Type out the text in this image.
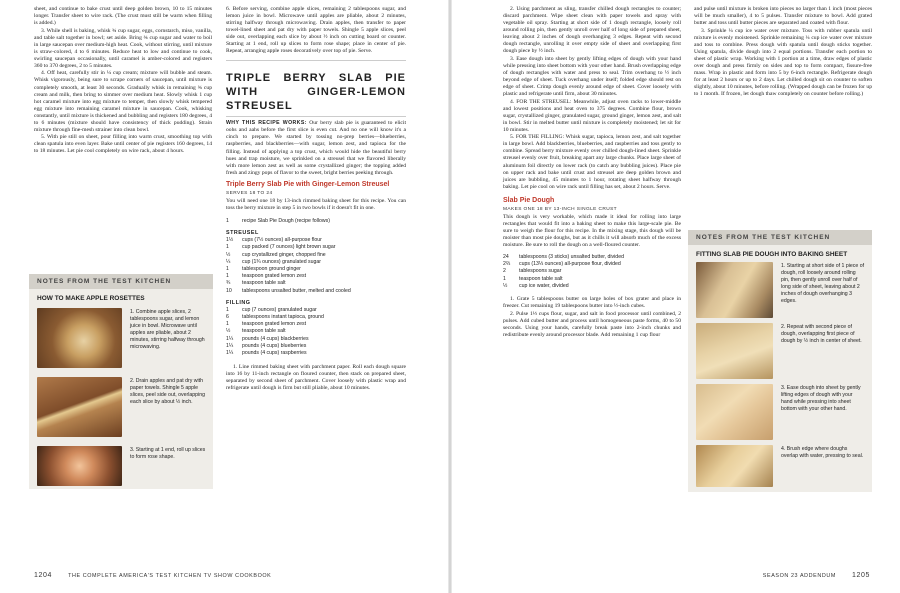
sheet, and continue to bake crust until deep golden brown, 10 to 15 minutes longer. Transfer sheet to wire rack. (The crust must still be warm when filling is added.)

3. While shell is baking, whisk ¾ cup sugar, eggs, cornstarch, miso, vanilla, and table salt together in bowl; set aside. Bring ¾ cup sugar and water to boil in large saucepan over medium-high heat. Cook, without stirring, until mixture is straw-colored, 4 to 6 minutes. Reduce heat to low and continue to cook, swirling saucepan occasionally, until caramel is amber-colored and registers 360 to 370 degrees, 2 to 5 minutes.

4. Off heat, carefully stir in ¼ cup cream; mixture will bubble and steam. Whisk vigorously, being sure to scrape corners of saucepan, until mixture is completely smooth, at least 30 seconds. Gradually whisk in remaining ¾ cup cream and milk, then bring to simmer over medium heat. Slowly whisk 1 cup hot caramel mixture into egg mixture to temper, then slowly whisk tempered egg mixture into remaining caramel mixture in saucepan. Cook, whisking constantly, until mixture is thickened and bubbling and registers 180 degrees, 4 to 6 minutes (mixture should have consistency of thick pudding). Strain mixture through fine-mesh strainer into clean bowl.

5. With pie still on sheet, pour filling into warm crust, smoothing top with clean spatula into even layer. Bake until center of pie registers 160 degrees, 14 to 18 minutes. Let pie cool completely on wire rack, about 4 hours.

NOTES FROM THE TEST KITCHEN
HOW TO MAKE APPLE ROSETTES
1. Combine apple slices, 2 tablespoons sugar, and lemon juice in bowl. Microwave until apples are pliable, about 2 minutes, stirring halfway through microwaving.
2. Drain apples and pat dry with paper towels. Shingle 5 apple slices, peel side out, overlapping each slice by about ½ inch.
3. Starting at 1 end, roll up slices to form rose shape.

6. Before serving, combine apple slices, remaining 2 tablespoons sugar, and lemon juice in bowl. Microwave until apples are pliable, about 2 minutes, stirring halfway through microwaving. Drain apples, then transfer to paper towel-lined sheet and pat dry with paper towels. Shingle 5 apple slices, peel side out, overlapping each slice by about ½ inch on cutting board or counter. Starting at 1 end, roll up slices to form rose shape; place in center of pie. Repeat, arranging apple roses decoratively over top of pie. Serve.

TRIPLE BERRY SLAB PIE WITH GINGER-LEMON STREUSEL
WHY THIS RECIPE WORKS: Our berry slab pie is guaranteed to elicit oohs and aahs before the first slice is even cut. And no one will know it's a cinch to prepare. We started by tossing no-prep berries—blueberries, raspberries, and blackberries—with sugar, lemon zest, and tapioca for the filling. Instead of applying a top crust, which would hide the beautiful berry hues and trap moisture, we sprinkled on a streusel that we flavored liberally with more lemon zest as well as some crystallized ginger; the topping added fresh and zingy pops of flavor to the sweet, bright berries peeking through.
Triple Berry Slab Pie with Ginger-Lemon Streusel
SERVES 18 TO 24

You will need one 18 by 13-inch rimmed baking sheet for this recipe. You can toss the berry mixture in step 5 in two bowls if it doesn't fit in one.

1	recipe Slab Pie Dough (recipe follows)
STREUSEL
1½	cups (7½ ounces) all-purpose flour
1	cup packed (7 ounces) light brown sugar
½	cup crystallized ginger, chopped fine
¼	cup (1¾ ounces) granulated sugar
1	tablespoon ground ginger
1	teaspoon grated lemon zest
¾	teaspoon table salt
10	tablespoons unsalted butter, melted and cooled
FILLING
1	cup (7 ounces) granulated sugar
6	tablespoons instant tapioca, ground
1	teaspoon grated lemon zest
½	teaspoon table salt
1¼	pounds (4 cups) blackberries
1¼	pounds (4 cups) blueberries
1¼	pounds (4 cups) raspberries

1. Line rimmed baking sheet with parchment paper. Roll each dough square into 16 by 11-inch rectangle on floured counter, then stack on prepared sheet, separated by second sheet of parchment. Cover loosely with plastic wrap and refrigerate until dough is firm but still pliable, about 10 minutes.

2. Using parchment as sling, transfer chilled dough rectangles to counter; discard parchment. Wipe sheet clean with paper towels and spray with vegetable oil spray. Starting at short side of 1 dough rectangle, loosely roll around rolling pin, then gently unroll over half of long side of prepared sheet, leaving about 2 inches of dough overhanging 3 edges. Repeat with second dough rectangle, unrolling it over empty side of sheet and overlapping first dough piece by ½ inch.

3. Ease dough into sheet by gently lifting edges of dough with your hand while pressing into sheet bottom with your other hand. Brush overlapping edge of dough rectangles with water and press to seal. Trim overhang to ½ inch beyond edge of sheet. Tuck overhang under itself; folded edge should rest on edge of sheet. Crimp dough evenly around edge of sheet. Cover loosely with plastic and refrigerate until firm, about 30 minutes.

4. FOR THE STREUSEL: Meanwhile, adjust oven racks to lower-middle and lowest positions and heat oven to 375 degrees. Combine flour, brown sugar, crystallized ginger, granulated sugar, ground ginger, lemon zest, and salt in bowl. Stir in melted butter until mixture is completely moistened; let sit for 10 minutes.

5. FOR THE FILLING: Whisk sugar, tapioca, lemon zest, and salt together in large bowl. Add blackberries, blueberries, and raspberries and toss gently to combine. Spread berry mixture evenly over chilled dough-lined sheet. Sprinkle streusel evenly over fruit, breaking apart any large chunks. Place large sheet of aluminum foil directly on lower rack (to catch any bubbling juices). Place pie on upper rack and bake until crust and streusel are deep golden brown and juices are bubbling, 45 minutes to 1 hour, rotating sheet halfway through baking. Let pie cool on wire rack until filling has set, about 2 hours. Serve.

Slab Pie Dough
MAKES ONE 18 BY 13-INCH SINGLE CRUST

This dough is very workable, which made it ideal for rolling into large rectangles that would fit into a baking sheet to make this large-scale pie. Be sure to weigh the flour for this recipe. In the mixing stage, this dough will be moister than most pie doughs, but as it chills it will absorb much of the excess moisture. Be sure to roll the dough on a well-floured counter.

24	tablespoons (3 sticks) unsalted butter, divided
2⅔	cups (13⅓ ounces) all-purpose flour, divided
2	tablespoons sugar
1	teaspoon table salt
½	cup ice water, divided

1. Grate 5 tablespoons butter on large holes of box grater and place in freezer. Cut remaining 19 tablespoons butter into ½-inch cubes.

2. Pulse 1⅓ cups flour, sugar, and salt in food processor until combined, 2 pulses. Add cubed butter and process until homogeneous paste forms, 40 to 50 seconds. Using your hands, carefully break paste into 2-inch chunks and redistribute evenly around processor blade. Add remaining 1 cup flour

and pulse until mixture is broken into pieces no larger than 1 inch (most pieces will be much smaller), 4 to 5 pulses. Transfer mixture to bowl. Add grated butter and toss until butter pieces are separated and coated with flour.

3. Sprinkle ¼ cup ice water over mixture. Toss with rubber spatula until mixture is evenly moistened. Sprinkle remaining ¼ cup ice water over mixture and toss to combine. Press dough with spatula until dough sticks together. Using spatula, divide dough into 2 equal portions. Transfer each portion to sheet of plastic wrap. Working with 1 portion at a time, draw edges of plastic over dough and press firmly on sides and top to form compact, fissure-free mass. Wrap in plastic and form into 5 by 6-inch rectangle. Refrigerate dough for at least 2 hours or up to 2 days. Let chilled dough sit on counter to soften slightly, about 10 minutes, before rolling. (Wrapped dough can be frozen for up to 1 month. If frozen, let dough thaw completely on counter before rolling.)

NOTES FROM THE TEST KITCHEN
FITTING SLAB PIE DOUGH INTO BAKING SHEET
1. Starting at short side of 1 piece of dough, roll loosely around rolling pin, then gently unroll over half of long side of sheet, leaving about 2 inches of dough overhanging 3 edges.
2. Repeat with second piece of dough, overlapping first piece of dough by ½ inch in center of sheet.
3. Ease dough into sheet by gently lifting edges of dough with your hand while pressing into sheet bottom with your other hand.
4. Brush edge where doughs overlap with water, pressing to seal.
1204	THE COMPLETE AMERICA'S TEST KITCHEN TV SHOW COOKBOOK	SEASON 23 ADDENDUM 1205
